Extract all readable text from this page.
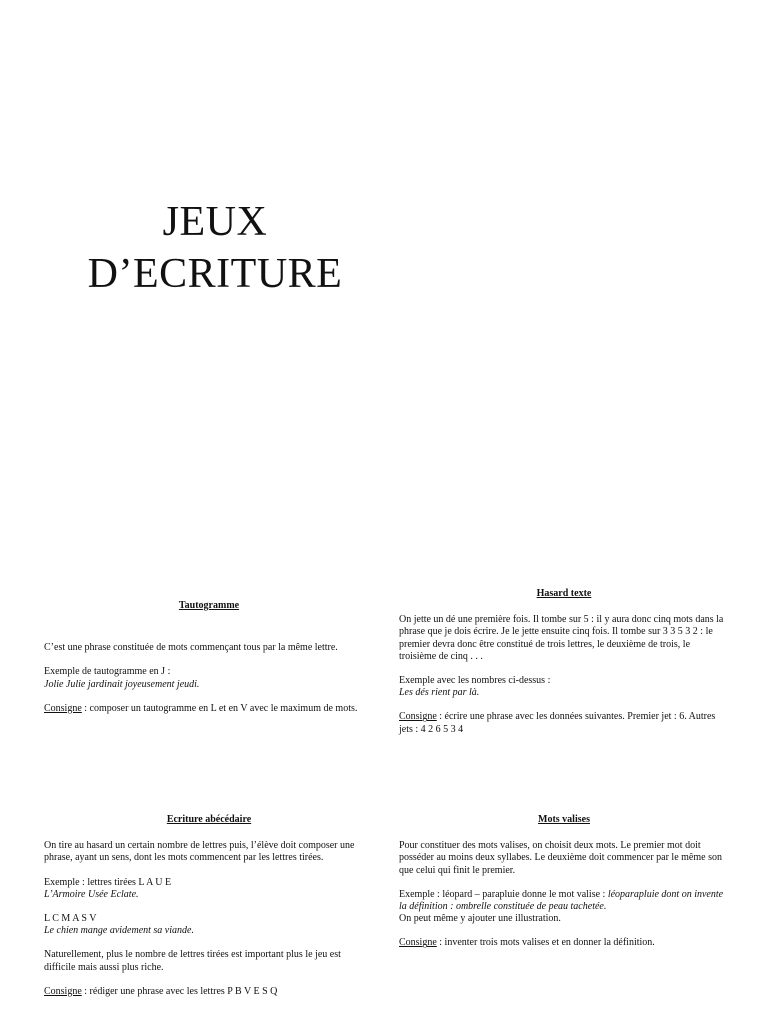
JEUX
D’ECRITURE
Tautogramme

C’est une phrase constituée de mots commençant tous par la même lettre.

Exemple de tautogramme en J :
Jolie Julie jardinait joyeusement jeudi.

Consigne : composer un tautogramme en L et en V avec le maximum de mots.

Hasard texte

On jette un dé une première fois. Il tombe sur 5 : il y aura donc cinq mots dans la phrase que je dois écrire. Je le jette ensuite cinq fois. Il tombe sur 3 3 5 3 2 : le premier devra donc être constitué de trois lettres, le deuxième de trois, le troisième de cinq . . .

Exemple avec les nombres ci-dessus :
Les dés rient par là.

Consigne : écrire une phrase avec les données suivantes. Premier jet : 6. Autres jets : 4 2 6 5 3 4

Ecriture abécédaire

On tire au hasard un certain nombre de lettres puis, l’élève doit composer une phrase, ayant un sens, dont les mots commencent par les lettres tirées.

Exemple : lettres tirées L A U E
L’Armoire Usée Eclate.

L C M A S V
Le chien mange avidement sa viande.

Naturellement, plus le nombre de lettres tirées est important plus le jeu est difficile mais aussi plus riche.

Consigne : rédiger une phrase avec les lettres P B V E S Q

Mots valises

Pour constituer des mots valises, on choisit deux mots. Le premier mot doit posséder au moins deux syllabes. Le deuxième doit commencer par le même son que celui qui finit le premier.

Exemple : léopard – parapluie donne le mot valise : léoparapluie dont on invente la définition : ombrelle constituée de peau tachetée.
On peut même y ajouter une illustration.

Consigne : inventer trois mots valises et en donner la définition.
